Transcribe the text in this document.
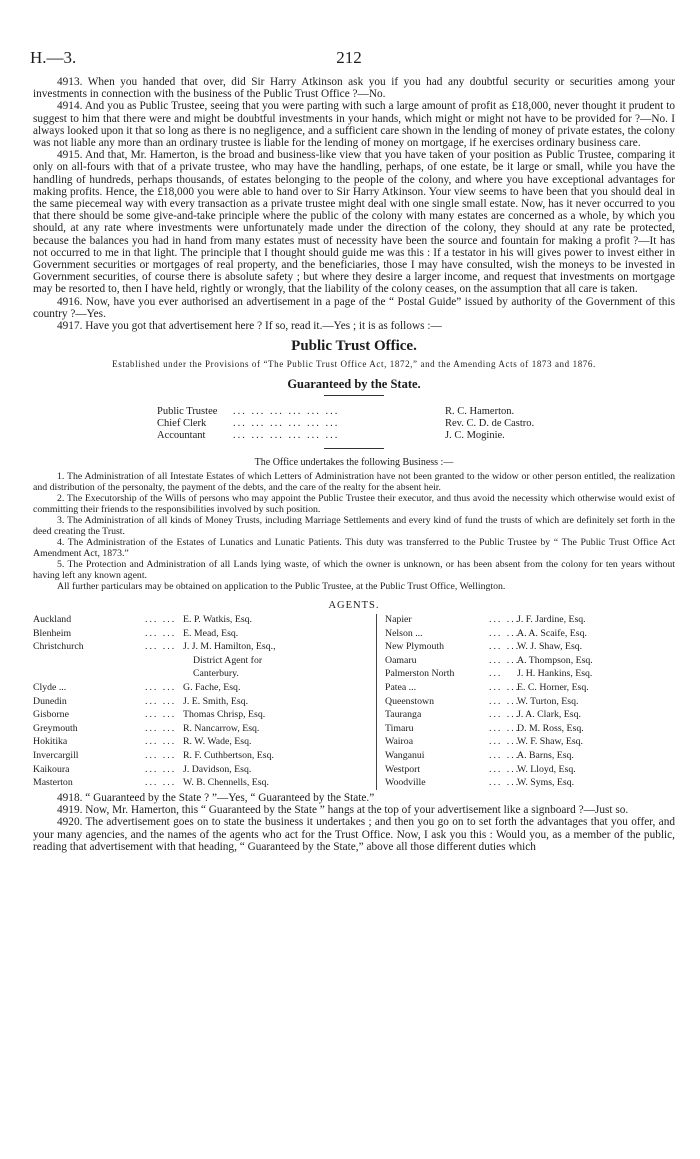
H.—3.	212

4913. When you handed that over, did Sir Harry Atkinson ask you if you had any doubtful security or securities among your investments in connection with the business of the Public Trust Office ?—No.

4914. And you as Public Trustee, seeing that you were parting with such a large amount of profit as £18,000, never thought it prudent to suggest to him that there were and might be doubtful investments in your hands, which might or might not have to be provided for ?—No. I always looked upon it that so long as there is no negligence, and a sufficient care shown in the lending of money of private estates, the colony was not liable any more than an ordinary trustee is liable for the lending of money on mortgage, if he exercises ordinary business care.

4915. And that, Mr. Hamerton, is the broad and business-like view that you have taken of your position as Public Trustee, comparing it only on all-fours with that of a private trustee, who may have the handling, perhaps, of one estate, be it large or small, while you have the handling of hundreds, perhaps thousands, of estates belonging to the people of the colony, and where you have exceptional advantages for making profits. Hence, the £18,000 you were able to hand over to Sir Harry Atkinson. Your view seems to have been that you should deal in the same piecemeal way with every transaction as a private trustee might deal with one single small estate. Now, has it never occurred to you that there should be some give-and-take principle where the public of the colony with many estates are concerned as a whole, by which you should, at any rate where investments were unfortunately made under the direction of the colony, they should at any rate be protected, because the balances you had in hand from many estates must of necessity have been the source and fountain for making a profit ?—It has not occurred to me in that light. The principle that I thought should guide me was this : If a testator in his will gives power to invest either in Government securities or mortgages of real property, and the beneficiaries, those I may have consulted, wish the moneys to be invested in Government securities, of course there is absolute safety ; but where they desire a larger income, and request that investments on mortgage may be resorted to, then I have held, rightly or wrongly, that the liability of the colony ceases, on the assumption that all care is taken.

4916. Now, have you ever authorised an advertisement in a page of the “ Postal Guide” issued by authority of the Government of this country ?—Yes.

4917. Have you got that advertisement here ? If so, read it.—Yes ; it is as follows :—

Public Trust Office.
Established under the Provisions of “The Public Trust Office Act, 1872,” and the Amending Acts of 1873 and 1876.
Guaranteed by the State.
Public Trustee ... ... ... ... ... ...	R. C. Hamerton.
Chief Clerk	... ... ... ... ... ...	Rev. C. D. de Castro.
Accountant	... ... ... ... ... ...	J. C. Moginie.
The Office undertakes the following Business :—

1. The Administration of all Intestate Estates of which Letters of Administration have not been granted to the widow or other person entitled, the realization and distribution of the personalty, the payment of the debts, and the care of the realty for the absent heir.

2. The Executorship of the Wills of persons who may appoint the Public Trustee their executor, and thus avoid the necessity which otherwise would exist of committing their friends to the responsibilities involved by such position.

3. The Administration of all kinds of Money Trusts, including Marriage Settlements and every kind of fund the trusts of which are definitely set forth in the deed creating the Trust.

4. The Administration of the Estates of Lunatics and Lunatic Patients. This duty was transferred to the Public Trustee by “ The Public Trust Office Act Amendment Act, 1873.”

5. The Protection and Administration of all Lands lying waste, of which the owner is unknown, or has been absent from the colony for ten years without having left any known agent.

All further particulars may be obtained on application to the Public Trustee, at the Public Trust Office, Wellington.

AGENTS.
Auckland	... ... E. P. Watkis, Esq.
Blenheim	... ... E. Mead, Esq.
Christchurch	... ... J. J. M. Hamilton, Esq.,
District Agent for
Canterbury.
Clyde ...	... ... G. Fache, Esq.
Dunedin	... ... J. E. Smith, Esq.
Gisborne	... ... Thomas Chrisp, Esq.
Greymouth	... ... R. Nancarrow, Esq.
Hokitika	... ... R. W. Wade, Esq.
Invercargill	... ... R. F. Cuthbertson, Esq.
Kaikoura	... ... J. Davidson, Esq.
Masterton	... ... W. B. Chennells, Esq.
Napier	... ...
J. F. Jardine, Esq.
Nelson ...	... ...
A. A. Scaife, Esq.
New Plymouth	... ...
W. J. Shaw, Esq.
Oamaru	... ...
A. Thompson, Esq.
Palmerston North	... J. H. Hankins, Esq.
Patea ...	... ...
E. C. Horner, Esq.
Queenstown	... ...
W. Turton, Esq.
Tauranga	... ...
J. A. Clark, Esq.
Timaru	... ...
D. M. Ross, Esq.
Wairoa	... ...
W. F. Shaw, Esq.
Wanganui	... ...
A. Barns, Esq.
Westport	... ...
W. Lloyd, Esq.
Woodville	... ...
W. Syms, Esq.

4918. “ Guaranteed by the State ? ”—Yes, “ Guaranteed by the State.”

4919. Now, Mr. Hamerton, this “ Guaranteed by the State ” hangs at the top of your advertisement like a signboard ?—Just so.

4920. The advertisement goes on to state the business it undertakes ; and then you go on to set forth the advantages that you offer, and your many agencies, and the names of the agents who act for the Trust Office. Now, I ask you this : Would you, as a member of the public, reading that advertisement with that heading, “ Guaranteed by the State,” above all those different duties which
